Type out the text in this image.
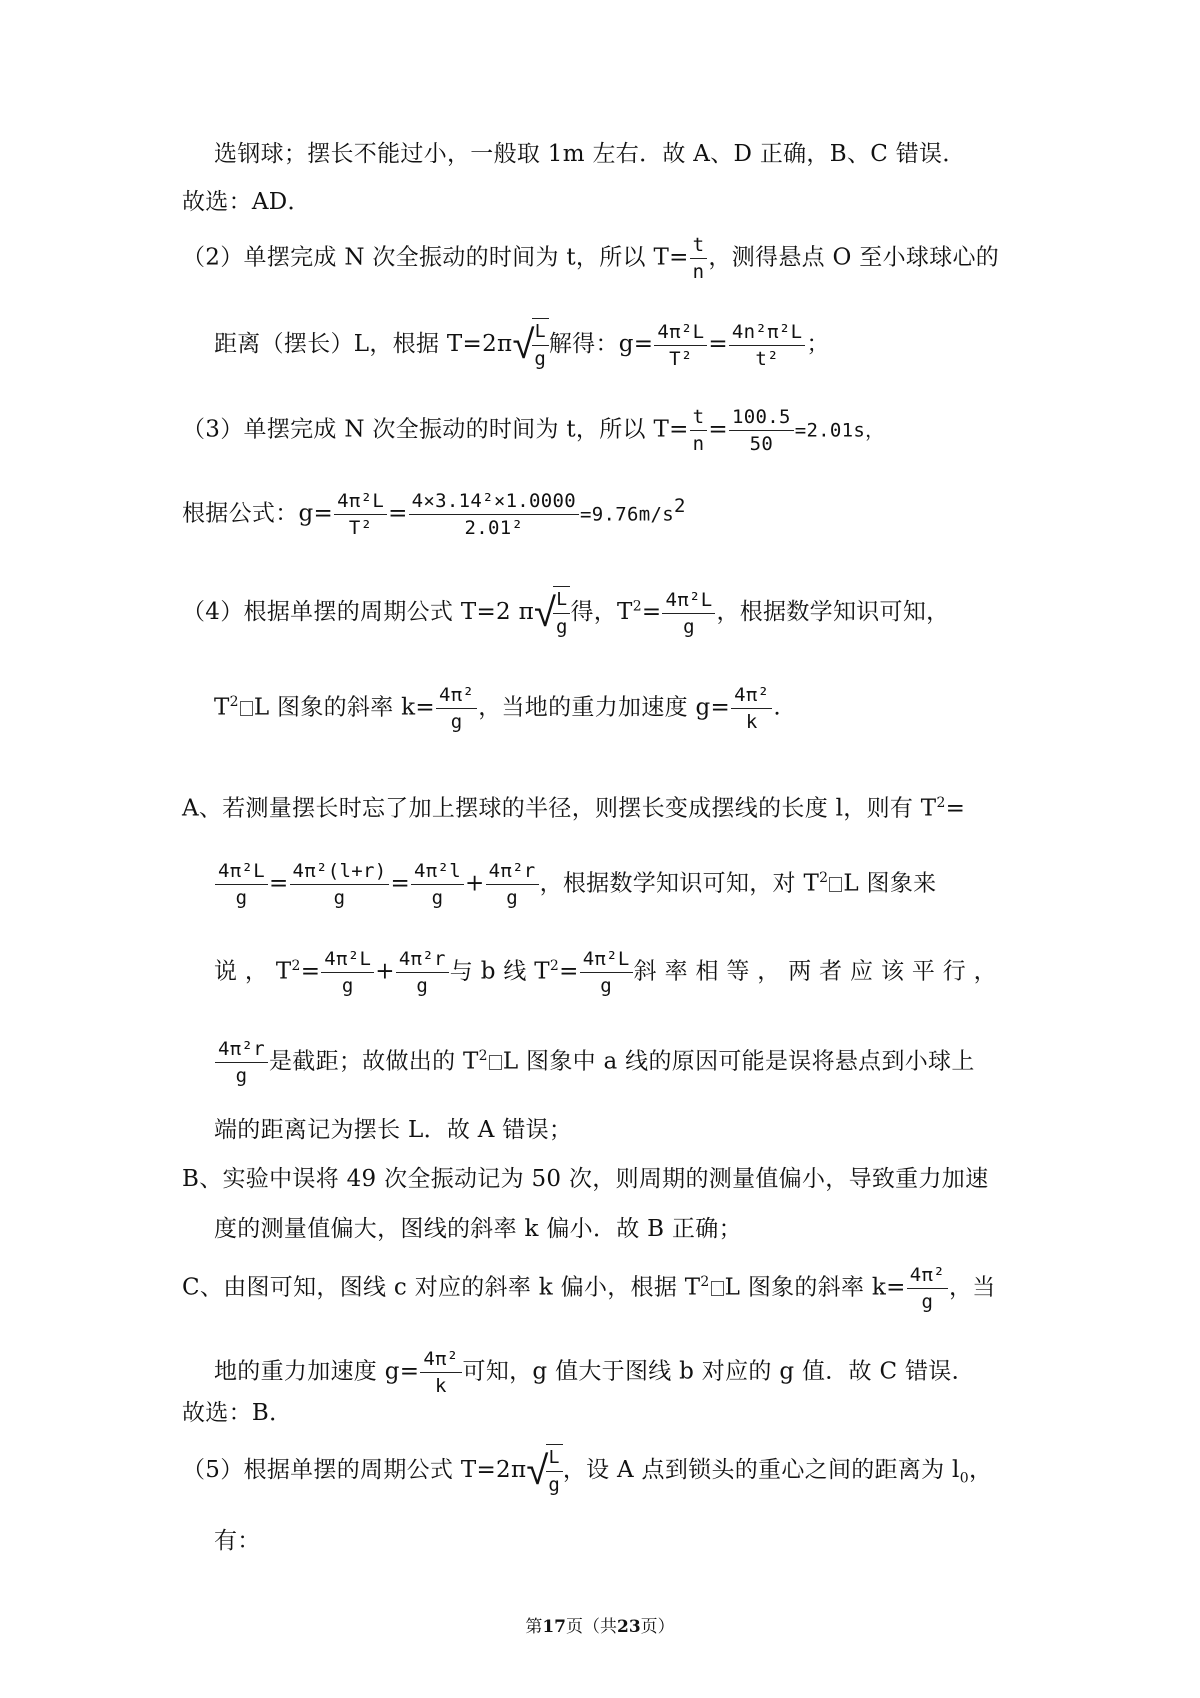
选钢球；摆长不能过小，一般取 1m 左右．故 A、D 正确，B、C 错误．
故选：AD．
（2）单摆完成 N 次全振动的时间为 t，所以 $T= \frac{t}{n}$ ，测得悬点 O 至小球球心的
距离（摆长）L，根据 T=2π√
$\frac{L}{g}$ 解得：$g= \frac{\text{4π²L}}{\text{T²}} = \frac{\text{4n²π²L}}{\text{t²}}$ ；
（3）单摆完成 N 次全振动的时间为 t，所以 $T= \frac{t}{n} = \frac{100.5}{50} =2.01s$，
根据公式：$g= \frac{\text{4π²L}}{\text{T²}} = \frac{\text{4×3.14²×1.0000}}{\text{2.01²}} =9.76m/s^2$
（4）根据单摆的周期公式 T=2 π√
$\frac{L}{g}$ 得，$T^2= \frac{\text{4π²L}}{g}$ ，根据数学知识可知，
$T^2$ L 图象的斜率 $k= \frac{\text{4π²}}{g}$ ，当地的重力加速度 $g= \frac{\text{4π²}}{k}$ .
A、若测量摆长时忘了加上摆球的半径，则摆长变成摆线的长度 l，则有 $T^2=$
$\frac{\text{4π²L}}{g} = \frac{\text{4π²(l+r)}}{g} = \frac{\text{4π²l}}{g} + \frac{\text{4π²r}}{g}$ ，根据数学知识可知，对 $T^2$ L 图象来
说 ， $T^2= \frac{\text{4π²L}}{g} + \frac{\text{4π²r}}{g}$ 与 b 线 $T^2= \frac{\text{4π²L}}{g}$ 斜 率 相 等 ， 两 者 应 该 平 行 ，
$\frac{\text{4π²r}}{g}$ 是截距；故做出的 $T^2$ L 图象中 a 线的原因可能是误将悬点到小球上
端的距离记为摆长 L．故 A 错误；
B、实验中误将 49 次全振动记为 50 次，则周期的测量值偏小，导致重力加速
度的测量值偏大，图线的斜率 k 偏小．故 B 正确；
C、由图可知，图线 c 对应的斜率 k 偏小，根据 $T^2$ L 图象的斜率 $k= \frac{\text{4π²}}{g}$ ，当
地的重力加速度 $g= \frac{\text{4π²}}{k}$ 可知，g 值大于图线 b 对应的 g 值．故 C 错误．
故选：B．
（5）根据单摆的周期公式 T=2π√
$\frac{L}{g}$ ，设 A 点到锁头的重心之间的距离为 $l_0$，
有：
第17页（共23页）
